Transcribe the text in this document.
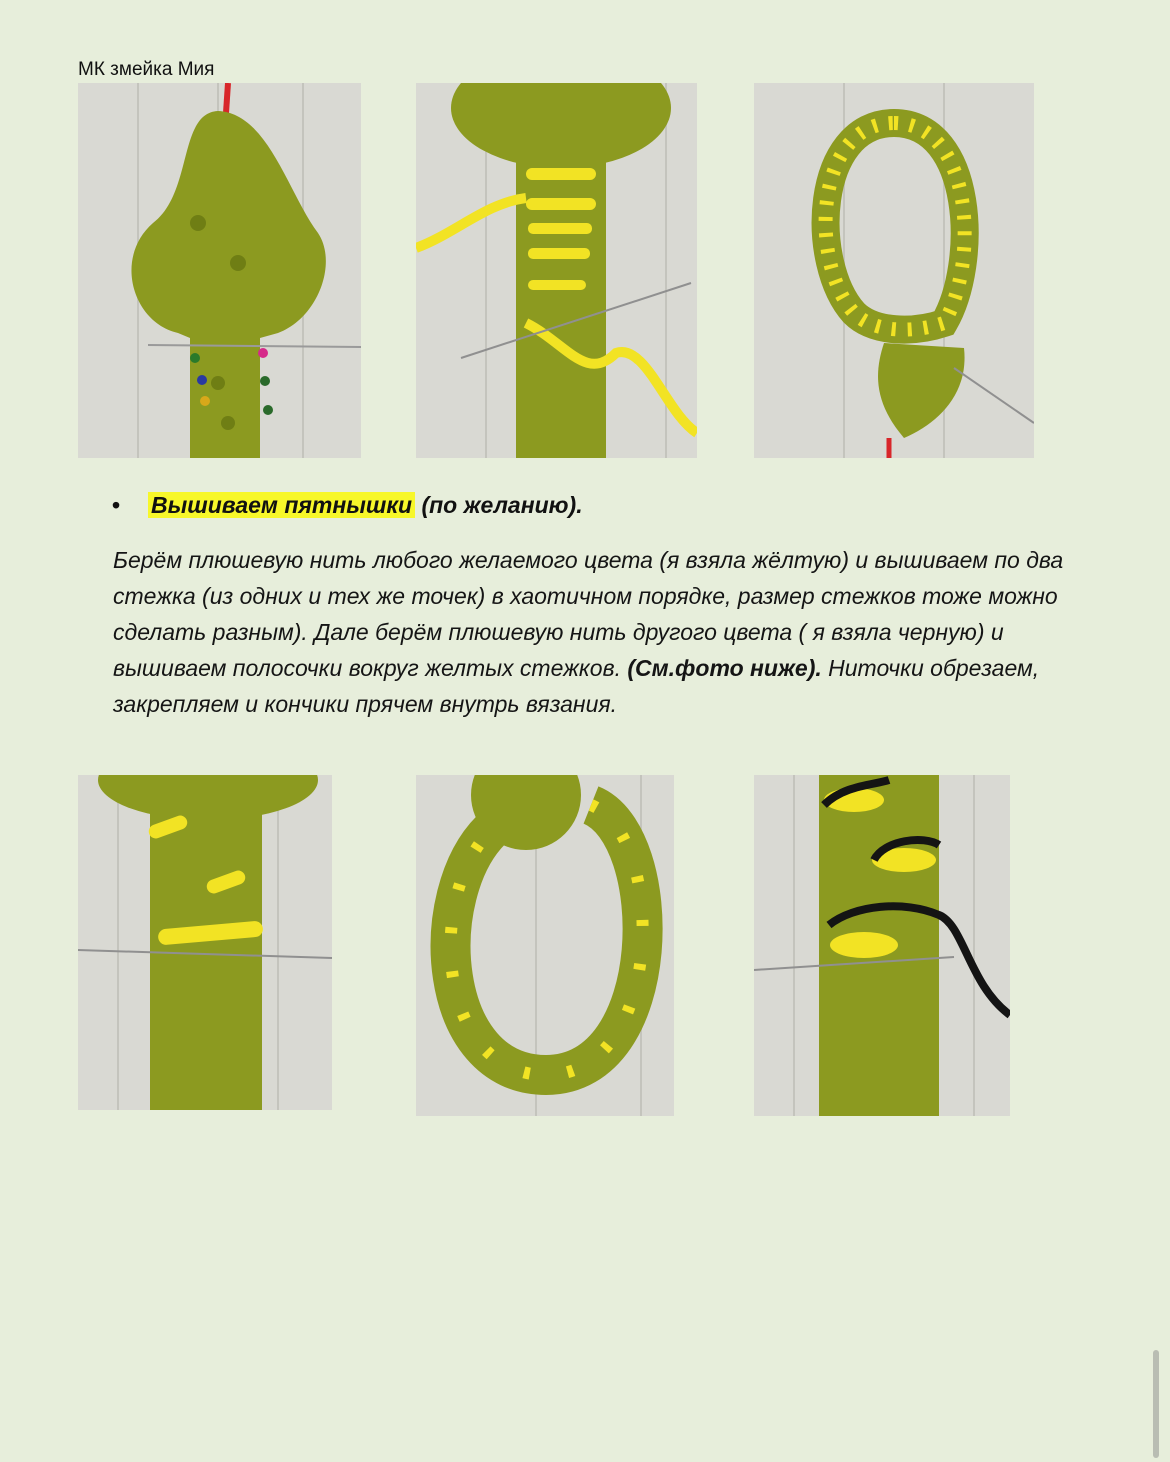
МК змейка Мия
• Вышиваем пятнышки (по желанию).

Берём плюшевую нить любого желаемого цвета (я взяла жёлтую) и вышиваем по два стежка (из одних и тех же точек) в хаотичном порядке, размер стежков тоже можно сделать разным). Дале берём плюшевую нить другого цвета ( я взяла черную) и вышиваем полосочки вокруг желтых стежков. (См.фото ниже). Ниточки обрезаем, закрепляем и кончики прячем внутрь вязания.
